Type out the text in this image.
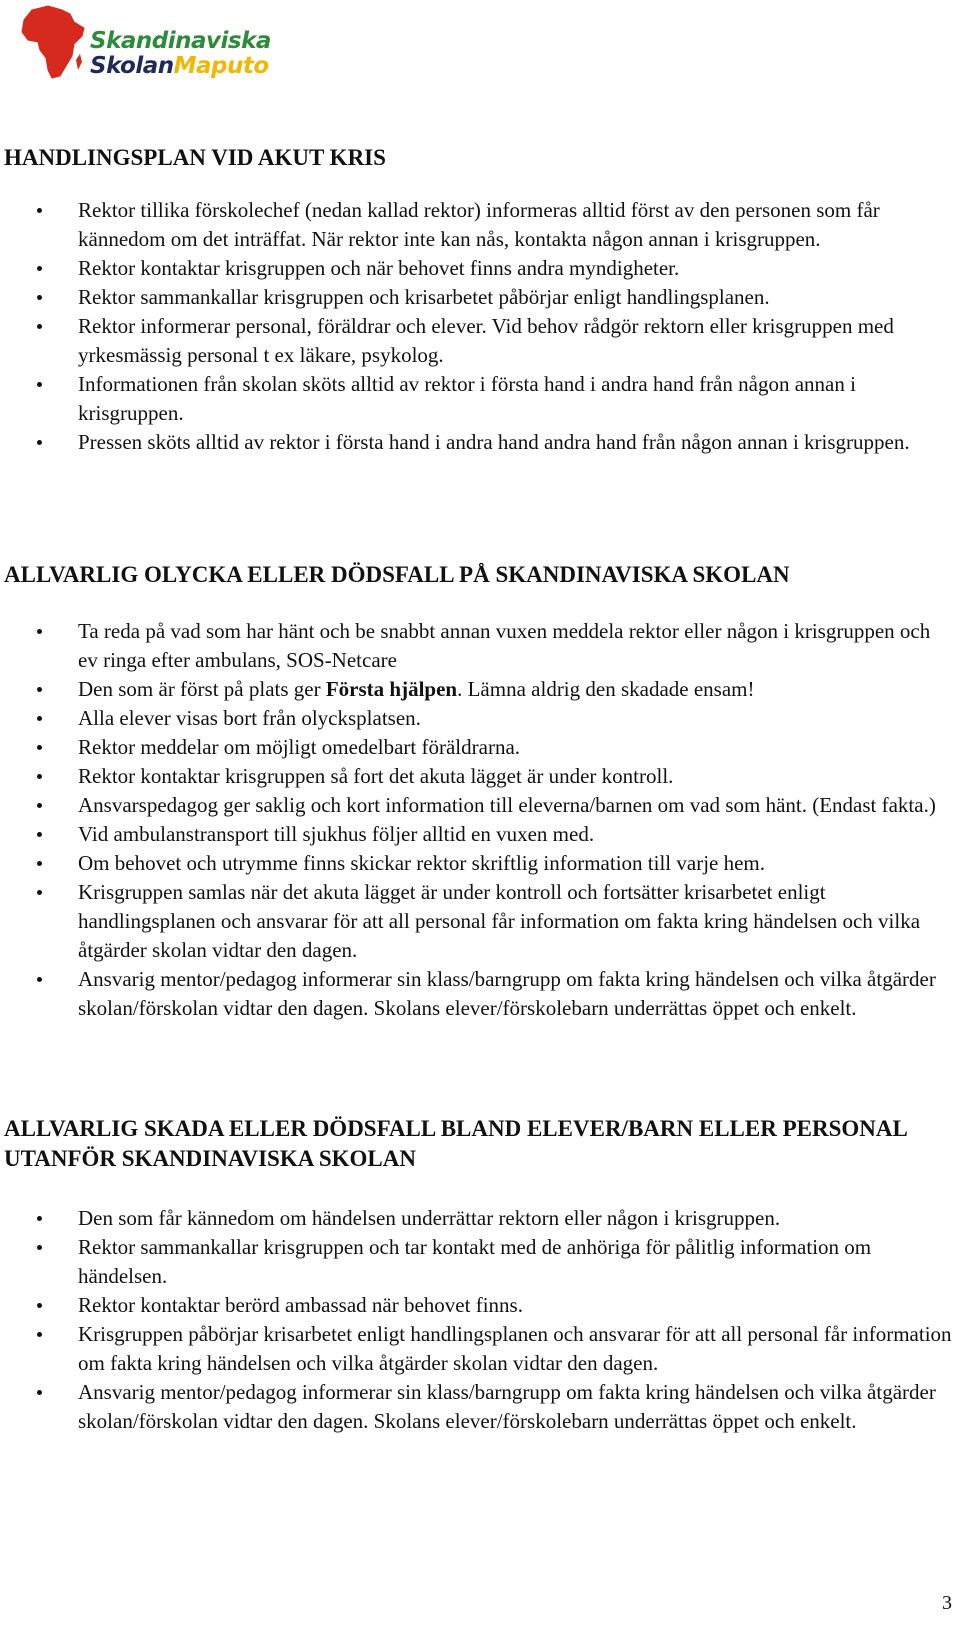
Skandinaviska
SkolanMaputo
HANDLINGSPLAN VID AKUT KRIS
Rektor tillika förskolechef (nedan kallad rektor) informeras alltid först av den personen som får kännedom om det inträffat. När rektor inte kan nås, kontakta någon annan i krisgruppen.
Rektor kontaktar krisgruppen och när behovet finns andra myndigheter.
Rektor sammankallar krisgruppen och krisarbetet påbörjar enligt handlingsplanen.
Rektor informerar personal, föräldrar och elever. Vid behov rådgör rektorn eller krisgruppen med yrkesmässig personal t ex läkare, psykolog.
Informationen från skolan sköts alltid av rektor i första hand i andra hand från någon annan i krisgruppen.
Pressen sköts alltid av rektor i första hand i andra hand andra hand från någon annan i krisgruppen.
ALLVARLIG OLYCKA ELLER DÖDSFALL PÅ SKANDINAVISKA SKOLAN
Ta reda på vad som har hänt och be snabbt annan vuxen meddela rektor eller någon i krisgruppen och ev ringa efter ambulans, SOS-Netcare
Den som är först på plats ger Första hjälpen. Lämna aldrig den skadade ensam!
Alla elever visas bort från olycksplatsen.
Rektor meddelar om möjligt omedelbart föräldrarna.
Rektor kontaktar krisgruppen så fort det akuta lägget är under kontroll.
Ansvarspedagog ger saklig och kort information till eleverna/barnen om vad som hänt. (Endast fakta.)
Vid ambulanstransport till sjukhus följer alltid en vuxen med.
Om behovet och utrymme finns skickar rektor skriftlig information till varje hem.
Krisgruppen samlas när det akuta lägget är under kontroll och fortsätter krisarbetet enligt handlingsplanen och ansvarar för att all personal får information om fakta kring händelsen och vilka åtgärder skolan vidtar den dagen.
Ansvarig mentor/pedagog informerar sin klass/barngrupp om fakta kring händelsen och vilka åtgärder skolan/förskolan vidtar den dagen. Skolans elever/förskolebarn underrättas öppet och enkelt.
ALLVARLIG SKADA ELLER DÖDSFALL BLAND ELEVER/BARN ELLER PERSONAL UTANFÖR SKANDINAVISKA SKOLAN
Den som får kännedom om händelsen underrättar rektorn eller någon i krisgruppen.
Rektor sammankallar krisgruppen och tar kontakt med de anhöriga för pålitlig information om händelsen.
Rektor kontaktar berörd ambassad när behovet finns.
Krisgruppen påbörjar krisarbetet enligt handlingsplanen och ansvarar för att all personal får information om fakta kring händelsen och vilka åtgärder skolan vidtar den dagen.
Ansvarig mentor/pedagog informerar sin klass/barngrupp om fakta kring händelsen och vilka åtgärder skolan/förskolan vidtar den dagen. Skolans elever/förskolebarn underrättas öppet och enkelt.
3
